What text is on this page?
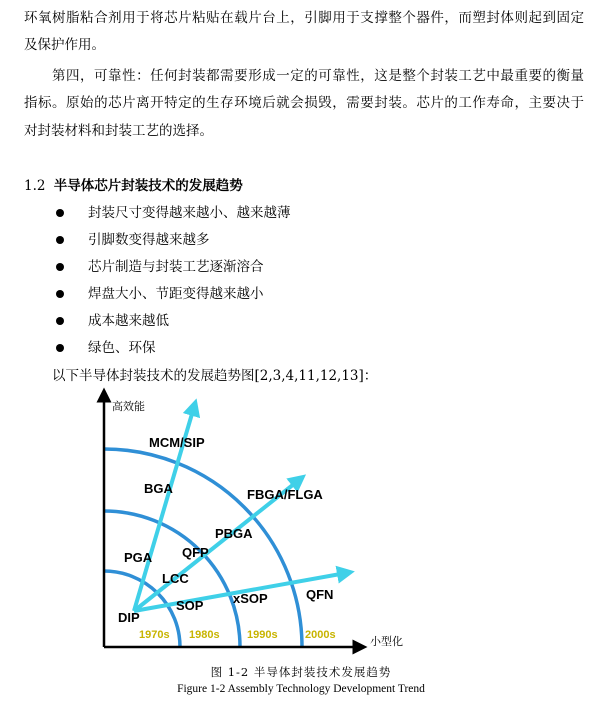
环氧树脂粘合剂用于将芯片粘贴在载片台上，引脚用于支撑整个器件，而塑封体则起到固定
及保护作用。
第四，可靠性：任何封装都需要形成一定的可靠性，这是整个封装工艺中最重要的衡量
指标。原始的芯片离开特定的生存环境后就会损毁，需要封装。芯片的工作寿命，主要决于
对封装材料和封装工艺的选择。
1.2 半导体芯片封装技术的发展趋势
封装尺寸变得越来越小、越来越薄
引脚数变得越来越多
芯片制造与封装工艺逐渐溶合
焊盘大小、节距变得越来越小
成本越来越低
绿色、环保
以下半导体封装技术的发展趋势图[2,3,4,11,12,13]：
高效能
小型化
1970s 1980s 1990s 2000s
DIP
PGA
LCC
SOP
QFP
xSOP
BGA
PBGA
QFN
MCM/SIP
FBGA/FLGA
图 1-2 半导体封装技术发展趋势
Figure 1-2 Assembly Technology Development Trend
